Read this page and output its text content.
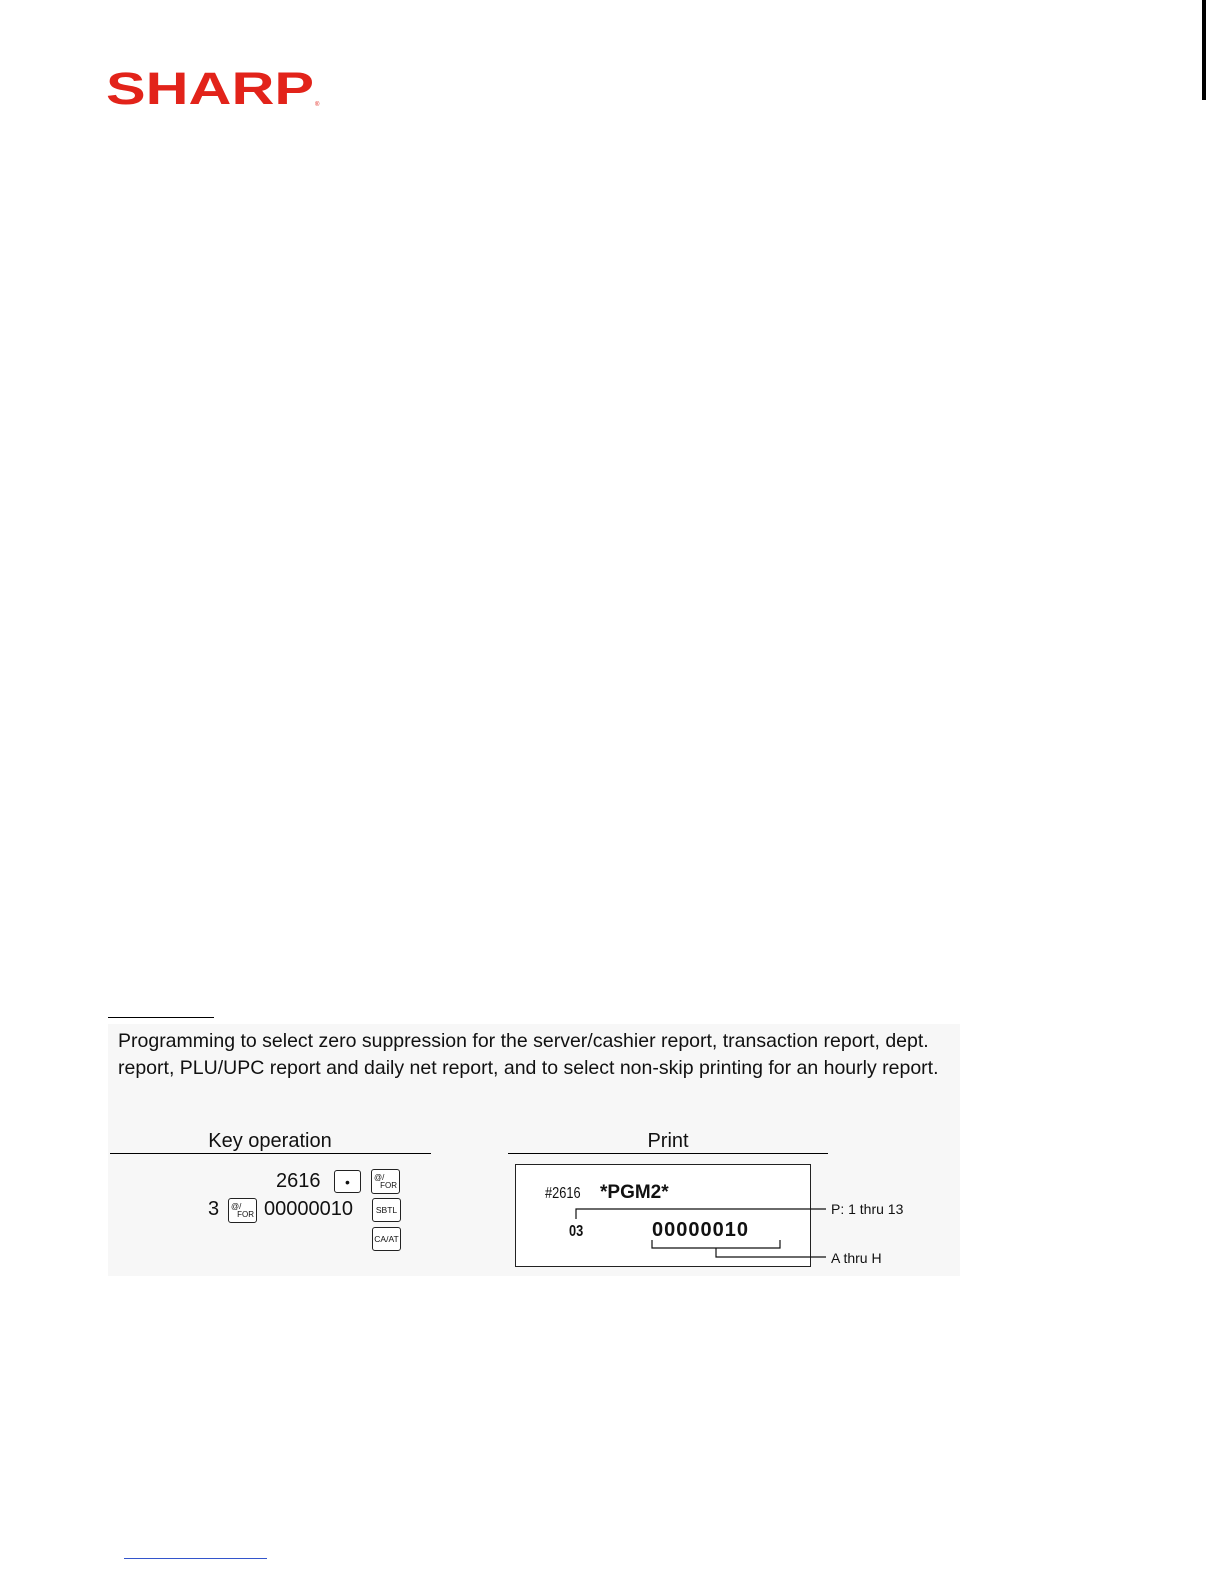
SHARP ®
Programming to select zero suppression for the server/cashier report, transaction report, dept. report, PLU/UPC report and daily net report, and to select non-skip printing for an hourly report.
Key operation
2616 •	@/
FOR
3 @/
FOR 00000010	SBTL
CA/AT
Print
#2616 *PGM2*
03	00000010
P: 1 thru 13
A thru H
